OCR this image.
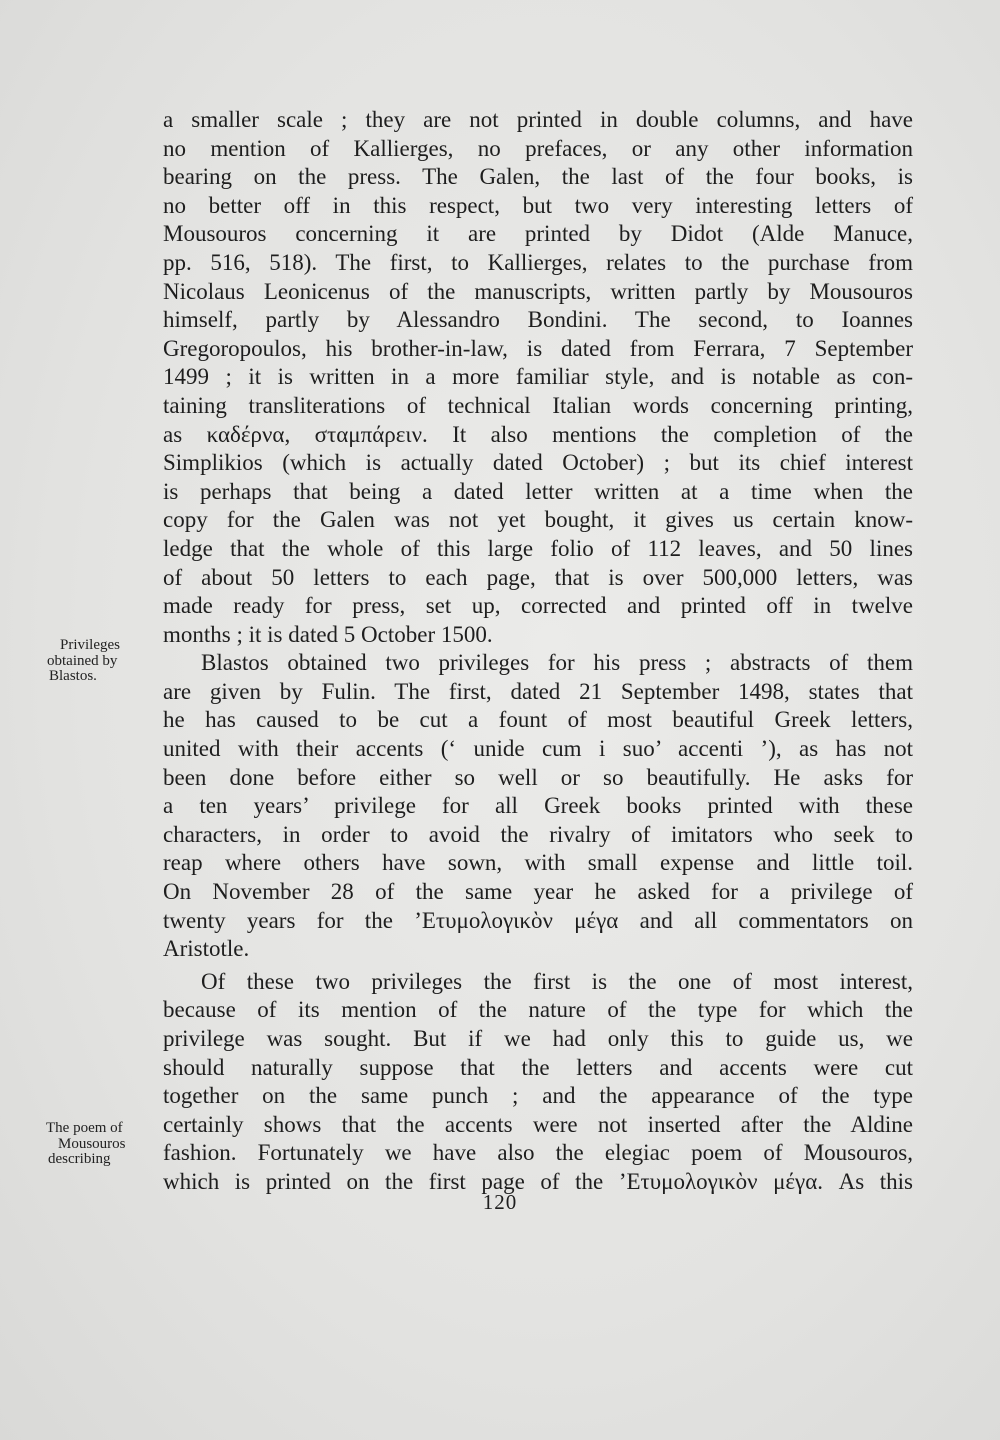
a smaller scale ; they are not printed in double columns, and have
no mention of Kallierges, no prefaces, or any other information
bearing on the press. The Galen, the last of the four books, is
no better off in this respect, but two very interesting letters of
Mousouros concerning it are printed by Didot (Alde Manuce,
pp. 516, 518). The first, to Kallierges, relates to the purchase from
Nicolaus Leonicenus of the manuscripts, written partly by Mousouros
himself, partly by Alessandro Bondini. The second, to Ioannes
Gregoropoulos, his brother-in-law, is dated from Ferrara, 7 September
1499 ; it is written in a more familiar style, and is notable as con-
taining transliterations of technical Italian words concerning printing,
as καδέρνα, σταμπάρειν. It also mentions the completion of the
Simplikios (which is actually dated October) ; but its chief interest
is perhaps that being a dated letter written at a time when the
copy for the Galen was not yet bought, it gives us certain know-
ledge that the whole of this large folio of 112 leaves, and 50 lines
of about 50 letters to each page, that is over 500,000 letters, was
made ready for press, set up, corrected and printed off in twelve
months ; it is dated 5 October 1500.
Blastos obtained two privileges for his press ; abstracts of them
are given by Fulin. The first, dated 21 September 1498, states that
he has caused to be cut a fount of most beautiful Greek letters,
united with their accents (‘ unide cum i suo’ accenti ’), as has not
been done before either so well or so beautifully. He asks for
a ten years’ privilege for all Greek books printed with these
characters, in order to avoid the rivalry of imitators who seek to
reap where others have sown, with small expense and little toil.
On November 28 of the same year he asked for a privilege of
twenty years for the ’Ετυμολογικὸν μέγα and all commentators on
Aristotle.
Of these two privileges the first is the one of most interest,
because of its mention of the nature of the type for which the
privilege was sought. But if we had only this to guide us, we
should naturally suppose that the letters and accents were cut
together on the same punch ; and the appearance of the type
certainly shows that the accents were not inserted after the Aldine
fashion. Fortunately we have also the elegiac poem of Mousouros,
which is printed on the first page of the ’Ετυμολογικὸν μέγα. As this
Privileges
obtained by
Blastos.
The poem of
Mousouros
describing
120
